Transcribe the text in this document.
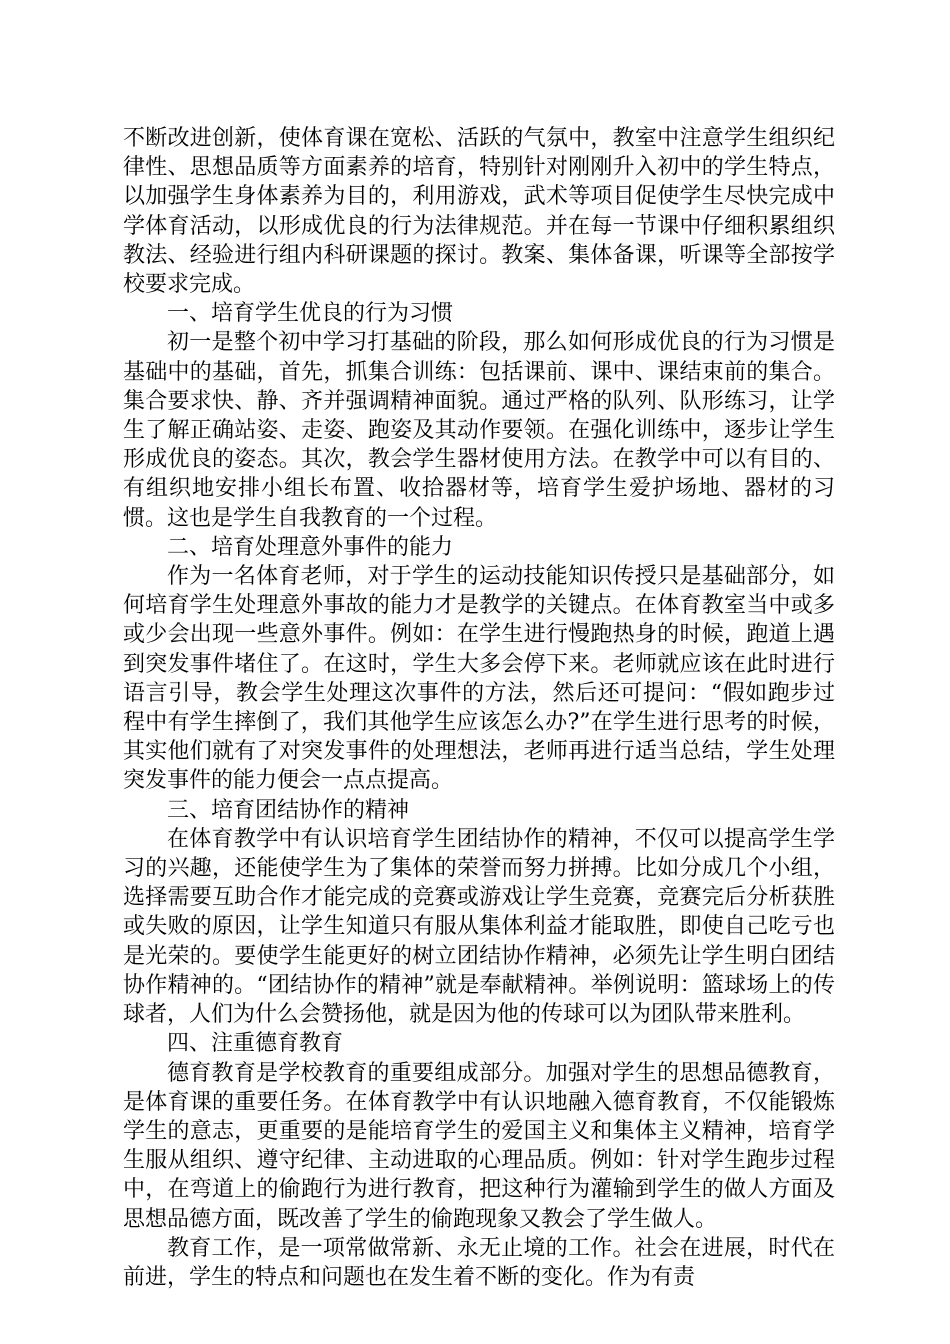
不断改进创新，使体育课在宽松、活跃的气氛中，教室中注意学生组织纪律性、思想品质等方面素养的培育，特别针对刚刚升入初中的学生特点，以加强学生身体素养为目的，利用游戏，武术等项目促使学生尽快完成中学体育活动，以形成优良的行为法律规范。并在每一节课中仔细积累组织教法、经验进行组内科研课题的探讨。教案、集体备课，听课等全部按学校要求完成。

一、培育学生优良的行为习惯

初一是整个初中学习打基础的阶段，那么如何形成优良的行为习惯是基础中的基础，首先，抓集合训练：包括课前、课中、课结束前的集合。集合要求快、静、齐并强调精神面貌。通过严格的队列、队形练习，让学生了解正确站姿、走姿、跑姿及其动作要领。在强化训练中，逐步让学生形成优良的姿态。其次，教会学生器材使用方法。在教学中可以有目的、有组织地安排小组长布置、收拾器材等，培育学生爱护场地、器材的习惯。这也是学生自我教育的一个过程。

二、培育处理意外事件的能力

作为一名体育老师，对于学生的运动技能知识传授只是基础部分，如何培育学生处理意外事故的能力才是教学的关键点。在体育教室当中或多或少会出现一些意外事件。例如：在学生进行慢跑热身的时候，跑道上遇到突发事件堵住了。在这时，学生大多会停下来。老师就应该在此时进行语言引导，教会学生处理这次事件的方法，然后还可提问：“假如跑步过程中有学生摔倒了，我们其他学生应该怎么办?”在学生进行思考的时候，其实他们就有了对突发事件的处理想法，老师再进行适当总结，学生处理突发事件的能力便会一点点提高。

三、培育团结协作的精神

在体育教学中有认识培育学生团结协作的精神，不仅可以提高学生学习的兴趣，还能使学生为了集体的荣誉而努力拼搏。比如分成几个小组，选择需要互助合作才能完成的竞赛或游戏让学生竞赛，竞赛完后分析获胜或失败的原因，让学生知道只有服从集体利益才能取胜，即使自己吃亏也是光荣的。要使学生能更好的树立团结协作精神，必须先让学生明白团结协作精神的。“团结协作的精神”就是奉献精神。举例说明：篮球场上的传球者，人们为什么会赞扬他，就是因为他的传球可以为团队带来胜利。

四、注重德育教育

德育教育是学校教育的重要组成部分。加强对学生的思想品德教育，是体育课的重要任务。在体育教学中有认识地融入德育教育，不仅能锻炼学生的意志，更重要的是能培育学生的爱国主义和集体主义精神，培育学生服从组织、遵守纪律、主动进取的心理品质。例如：针对学生跑步过程中，在弯道上的偷跑行为进行教育，把这种行为灌输到学生的做人方面及思想品德方面，既改善了学生的偷跑现象又教会了学生做人。

教育工作，是一项常做常新、永无止境的工作。社会在进展，时代在前进，学生的特点和问题也在发生着不断的变化。作为有责
